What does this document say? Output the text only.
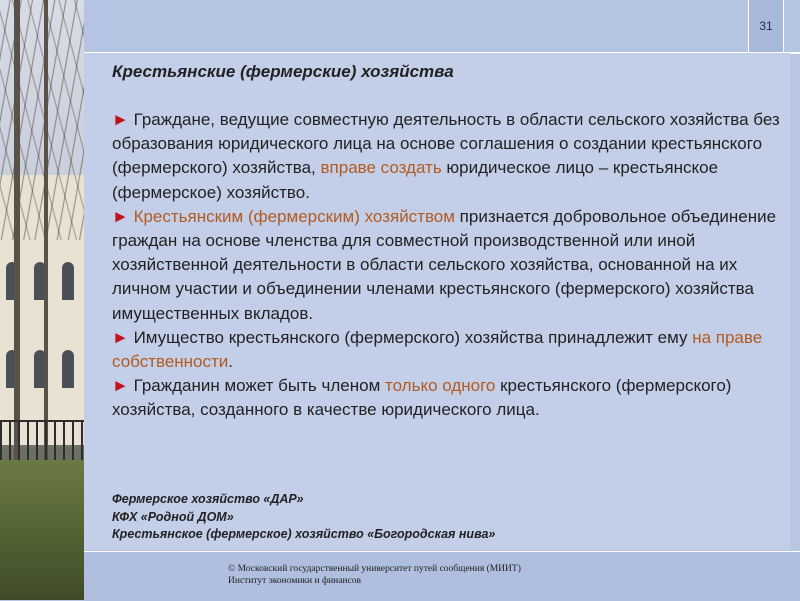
31
Крестьянские (фермерские) хозяйства

► Граждане, ведущие совместную деятельность в области сельского хозяйства без образования юридического лица на основе соглашения о создании крестьянского (фермерского) хозяйства, вправе создать юридическое лицо – крестьянское (фермерское) хозяйство.

► Крестьянским (фермерским) хозяйством признается добровольное объединение граждан на основе членства для совместной производственной или иной хозяйственной деятельности в области сельского хозяйства, основанной на их личном участии и объединении членами крестьянского (фермерского) хозяйства имущественных вкладов.

► Имущество крестьянского (фермерского) хозяйства принадлежит ему на праве собственности.

► Гражданин может быть членом только одного крестьянского (фермерского) хозяйства, созданного в качестве юридического лица.

Фермерское хозяйство «ДАР»
КФХ «Родной ДОМ»
Крестьянское (фермерское) хозяйство «Богородская нива»
© Московский государственный университет путей сообщения (МИИТ)
Институт экономики и финансов
